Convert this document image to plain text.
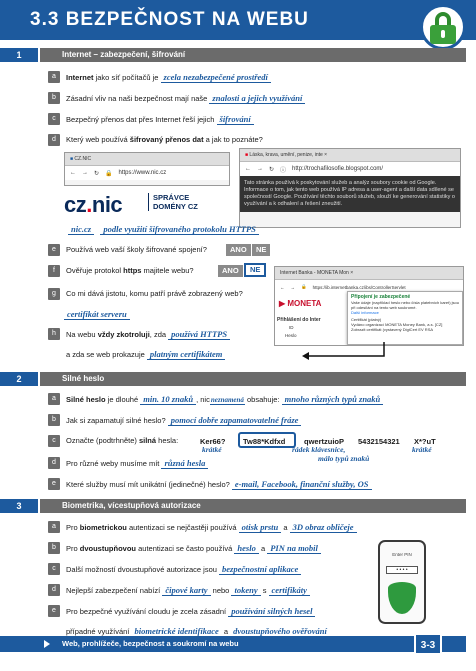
3.3 BEZPEČNOST NA WEBU
1	Internet – zabezpečení, šifrování
a	Internet jako síť počítačů je zcela nezabezpečené prostředí
b	Zásadní vliv na naši bezpečnost mají naše znalosti a jejich využívání
c	Bezpečný přenos dat přes Internet řeší jejich šifrování
d	Který web používá šifrovaný přenos dat a jak to poznáte?
■ CZ.NIC
← → ↻ 🔒 https://www.nic.cz
■ Láska, krava, umění, penize, inte ×
← → ↻ ⓘ http://trochafilosofie.blogspot.com/
Tato stránka používá k poskytování služeb a analýz soubory cookie od Google. Informace o tom, jak tento web používá IP adresa a user-agent a další data sdílené se společností Google. Používání těchto souborů služeb, slouží ke generování statistiky o využívání a k odhalení a řešení zneužití.
cz.nic	SPRÁVCE
DOMÉNY CZ
nic.cz podle využití šifrovaného protokolu HTTPS
e	Používá web vaší školy šifrované spojení?	ANO	NE
f	Ověřuje protokol https majitele webu?	ANO	NE
g	Co mi dává jistotu, komu patří právě zobrazený web?
certifikát serveru
h	Na webu vždy zkotroluji, zda používá HTTPS
a zda se web prokazuje platným certifikátem
Internet Banka - MONETA Mon ×
← → 🔒 https://ib.internetbanka.cz/ibs/ControllerServlet
▶ MONETA
Přihlášení do Inter
ID
Heslo
Připojení je zabezpečené
Vaše údaje (například heslo nebo čísla platebních karet) jsou při odesílání na tento web soukromé.
Další informace
Certifikát (platný)
Vydáno organizací MONETA Money Bank, a.s. [CZ]
Zobrazit certifikát (vystavený DigiCert EV RSA
2	Silné heslo
a	Silné heslo je dlouhé min. 10 znaků , nicneznamená obsahuje: mnoho různých typů znaků
b	Jak si zapamatují silné heslo? pomocí dobře zapamatovatelné fráze
c	Označte (podtrhněte) silná hesla:	Ker66? Tw88*Kdfxd qwertzuioP 5432154321 X*?uT
krátké	řádek klávesnice,
málo typů znaků
krátké
d	Pro různé weby musíme mít různá hesla
e	Které služby musí mít unikátní (jedinečné) heslo? e-mail, Facebook, finanční služby, OS
3	Biometrika, vícestupňová autorizace
a	Pro biometrickou autentizaci se nejčastěji používá otisk prstu a 3D obraz obličeje
b	Pro dvoustupňovou autentizaci se často používá heslo a PIN na mobil
c	Další možností dvoustupňové autorizace jsou bezpečnostní aplikace
d	Nejlepší zabezpečení nabízí čipové karty nebo tokeny s certifikáty
e	Pro bezpečné využívání cloudu je zcela zásadní používání silných hesel
případné využívání biometrické identifikace a dvoustupňového ověřování
Enter PIN
• • • •
Web, prohlížeče, bezpečnost a soukromí na webu	3-3
